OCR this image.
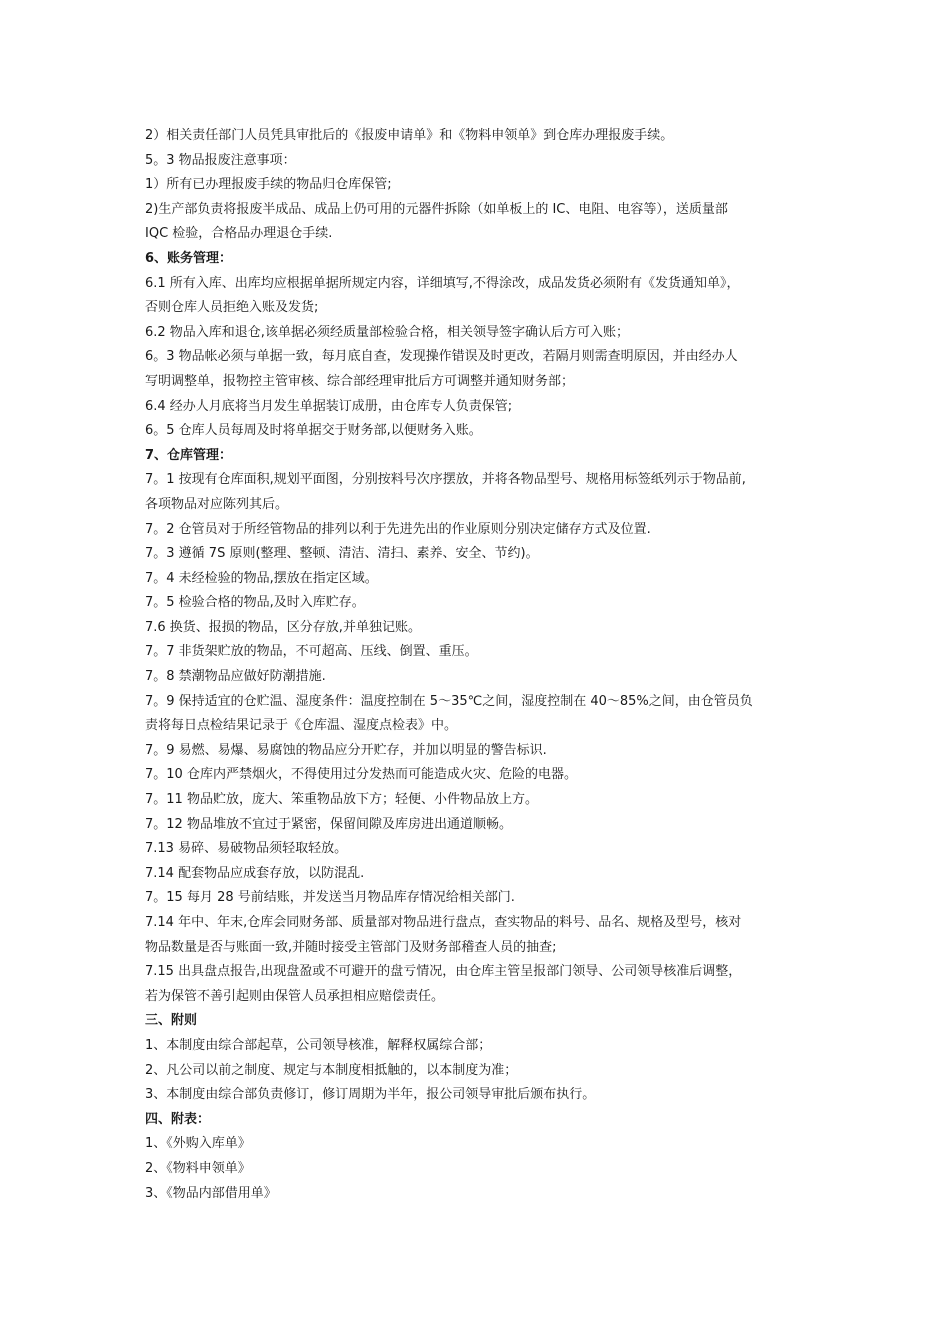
2）相关责任部门人员凭具审批后的《报废申请单》和《物料申领单》到仓库办理报废手续。
5。3 物品报废注意事项：
1）所有已办理报废手续的物品归仓库保管;
2)生产部负责将报废半成品、成品上仍可用的元器件拆除（如单板上的 IC、电阻、电容等），送质量部
IQC 检验，合格品办理退仓手续.
6、账务管理：
6.1 所有入库、出库均应根据单据所规定内容，详细填写,不得涂改，成品发货必须附有《发货通知单》，
否则仓库人员拒绝入账及发货;
6.2 物品入库和退仓,该单据必须经质量部检验合格，相关领导签字确认后方可入账；
6。3 物品帐必须与单据一致，每月底自查，发现操作错误及时更改，若隔月则需查明原因，并由经办人
写明调整单，报物控主管审核、综合部经理审批后方可调整并通知财务部；
6.4 经办人月底将当月发生单据装订成册，由仓库专人负责保管;
6。5 仓库人员每周及时将单据交于财务部,以便财务入账。
7、仓库管理：
7。1 按现有仓库面积,规划平面图，分别按料号次序摆放，并将各物品型号、规格用标签纸列示于物品前,
各项物品对应陈列其后。
7。2 仓管员对于所经管物品的排列以利于先进先出的作业原则分别决定储存方式及位置.
7。3 遵循 7S 原则(整理、整顿、清洁、清扫、素养、安全、节约)。
7。4 未经检验的物品,摆放在指定区域。
7。5 检验合格的物品,及时入库贮存。
7.6 换货、报损的物品，区分存放,并单独记账。
7。7 非货架贮放的物品，不可超高、压线、倒置、重压。
7。8 禁潮物品应做好防潮措施.
7。9 保持适宜的仓贮温、湿度条件：温度控制在 5～35℃之间，湿度控制在 40～85%之间，由仓管员负
责将每日点检结果记录于《仓库温、湿度点检表》中。
7。9 易燃、易爆、易腐蚀的物品应分开贮存，并加以明显的警告标识.
7。10 仓库内严禁烟火，不得使用过分发热而可能造成火灾、危险的电器。
7。11 物品贮放，庞大、笨重物品放下方；轻便、小件物品放上方。
7。12 物品堆放不宜过于紧密，保留间隙及库房进出通道顺畅。
7.13 易碎、易破物品须轻取轻放。
7.14 配套物品应成套存放，以防混乱.
7。15 每月 28 号前结账，并发送当月物品库存情况给相关部门.
7.14 年中、年末,仓库会同财务部、质量部对物品进行盘点，查实物品的料号、品名、规格及型号，核对
物品数量是否与账面一致,并随时接受主管部门及财务部稽查人员的抽查;
7.15 出具盘点报告,出现盘盈或不可避开的盘亏情况，由仓库主管呈报部门领导、公司领导核准后调整，
若为保管不善引起则由保管人员承担相应赔偿责任。
三、附则
1、本制度由综合部起草，公司领导核准，解释权属综合部；
2、凡公司以前之制度、规定与本制度相抵触的，以本制度为准；
3、本制度由综合部负责修订，修订周期为半年，报公司领导审批后颁布执行。
四、附表：
1、《外购入库单》
2、《物料申领单》
3、《物品内部借用单》
